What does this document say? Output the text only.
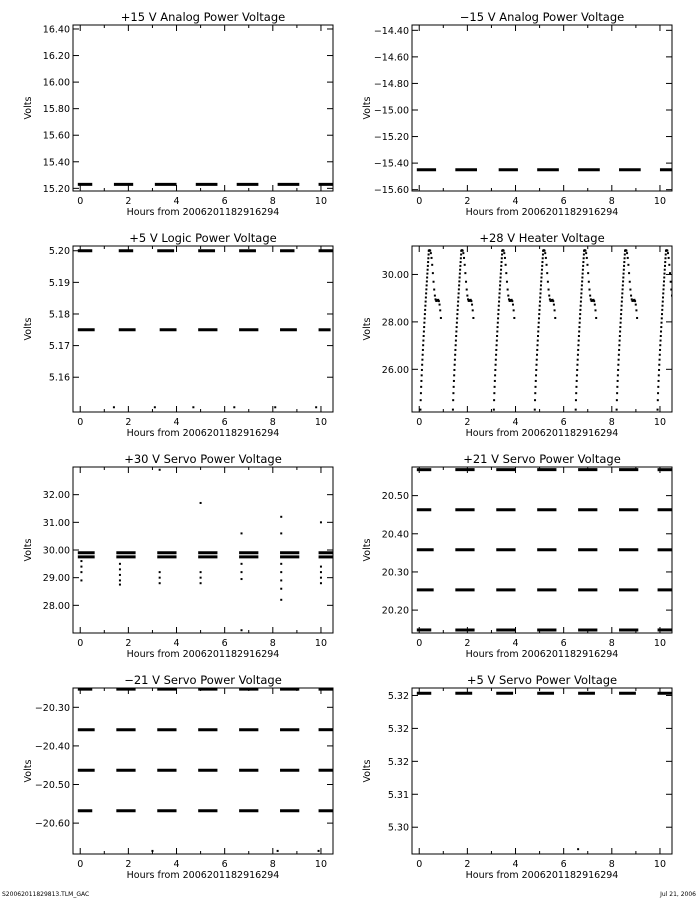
+15 V Analog Power Voltage
0	2	4	6	8	10
15.20
15.40
15.60
15.80
16.00
16.20
16.40
Hours from 2006201182916294
Volts
−15 V Analog Power Voltage
0	2	4	6	8	10
−14.40
−14.60
−14.80
−15.00
−15.20
−15.40
−15.60
Hours from 2006201182916294
Volts
+5 V Logic Power Voltage
0	2	4	6	8	10
5.16
5.17
5.18
5.19
5.20
Hours from 2006201182916294
Volts
+28 V Heater Voltage
0	2	4	6	8	10
26.00
28.00
30.00
Hours from 2006201182916294
Volts
+30 V Servo Power Voltage
0	2	4	6	8	10
28.00
29.00
30.00
31.00
32.00
Hours from 2006201182916294
Volts
+21 V Servo Power Voltage
0	2	4	6	8	10
20.20
20.30
20.40
20.50
Hours from 2006201182916294
Volts
−21 V Servo Power Voltage
0	2	4	6	8	10
−20.30
−20.40
−20.50
−20.60
Hours from 2006201182916294
Volts
+5 V Servo Power Voltage
0	2	4	6	8	10
5.30
5.31
5.32
5.32
5.32
Hours from 2006201182916294
Volts
S20062011829813.TLM_GAC	Jul 21, 2006
